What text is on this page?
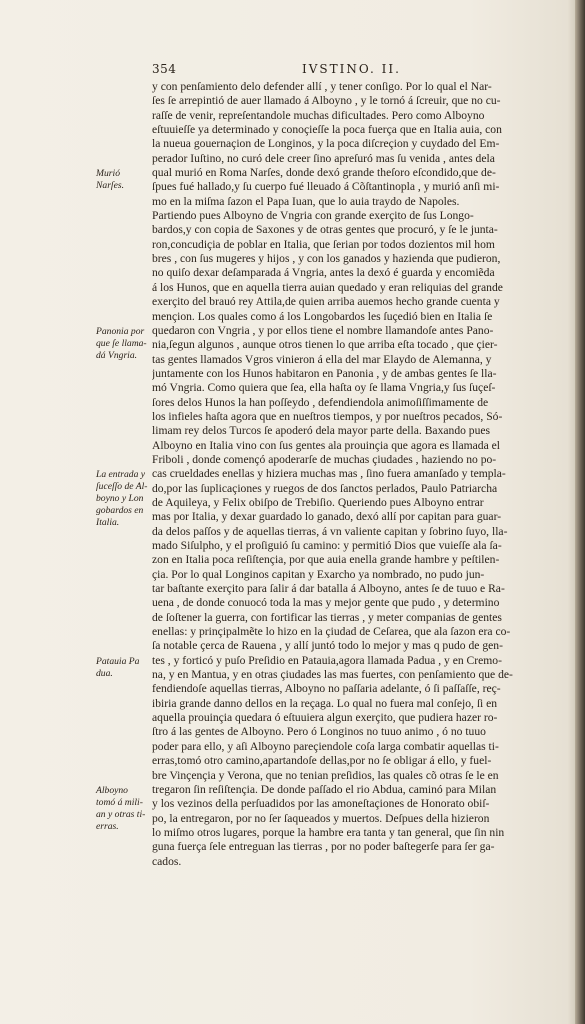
354	IVSTINO. II.
y con penſamiento delo defender allí , y tener conſigo. Por lo qual el Nar-
ſes ſe arrepintió de auer llamado á Alboyno , y le tornó á ſcreuir, que no cu-
raſſe de venir, repreſentandole muchas dificultades. Pero como Alboyno
eſtuuieſſe ya determinado y conoçieſſe la poca fuerça que en Italia auia, con
la nueua gouernaçion de Longinos, y la poca diſcreçion y cuydado del Em-
perador Iuſtino, no curó dele creer ſino apreſuró mas ſu venida , antes dela
qual murió en Roma Narſes, donde dexó grande theſoro eſcondido,que de-
ſpues fué hallado,y ſu cuerpo fué lleuado á Cõſtantinopla , y murió anſi mi-
mo en la miſma ſazon el Papa Iuan, que lo auia traydo de Napoles.
Partiendo pues Alboyno de Vngria con grande exerçito de ſus Longo-
bardos,y con copia de Saxones y de otras gentes que procuró, y ſe le junta-
ron,concudiçia de poblar en Italia, que ſerian por todos dozientos mil hom
bres , con ſus mugeres y hijos , y con los ganados y hazienda que pudieron,
no quiſo dexar deſamparada á Vngria, antes la dexó é guarda y encomiẽda
á los Hunos, que en aquella tierra auian quedado y eran reliquias del grande
exerçito del brauó rey Attila,de quien arriba auemos hecho grande cuenta y
mençion. Los quales como á los Longobardos les ſuçedió bien en Italia ſe
quedaron con Vngria , y por ellos tiene el nombre llamandoſe antes Pano-
nia,ſegun algunos , aunque otros tienen lo que arriba eſta tocado , que çier-
tas gentes llamados Vgros vinieron á ella del mar Elaydo de Alemanna, y
juntamente con los Hunos habitaron en Panonia , y de ambas gentes ſe lla-
mó Vngria. Como quiera que ſea, ella haſta oy ſe llama Vngria,y ſus ſuçeſ-
ſores delos Hunos la han poſſeydo , defendiendola animoſiſſimamente de
los infieles haſta agora que en nueſtros tiempos, y por nueſtros pecados, Só-
limam rey delos Turcos ſe apoderó dela mayor parte della. Baxando pues
Alboyno en Italia vino con ſus gentes ala prouinçia que agora es llamada el
Friboli , donde començó apoderarſe de muchas çiudades , haziendo no po-
cas crueldades enellas y hiziera muchas mas , ſino fuera amanſado y templa-
do,por las ſuplicaçiones y ruegos de dos ſanctos perlados, Paulo Patriarcha
de Aquileya, y Felix obiſpo de Trebiſio. Queriendo pues Alboyno entrar
mas por Italia, y dexar guardado lo ganado, dexó allí por capitan para guar-
da delos paſſos y de aquellas tierras, á vn valiente capitan y ſobrino ſuyo, lla-
mado Siſulpho, y el proſiguió ſu camino: y permitió Dios que vuieſſe ala ſa-
zon en Italia poca reſiſtençia, por que auia enella grande hambre y peſtilen-
çia. Por lo qual Longinos capitan y Exarcho ya nombrado, no pudo jun-
tar baſtante exerçito para ſalir á dar batalla á Alboyno, antes ſe de tuuo e Ra-
uena , de donde conuocó toda la mas y mejor gente que pudo , y determino
de ſoſtener la guerra, con fortificar las tierras , y meter companias de gentes
enellas: y prinçipalmẽte lo hizo en la çiudad de Ceſarea, que ala ſazon era co-
ſa notable çerca de Rauena , y allí juntó todo lo mejor y mas q pudo de gen-
tes , y forticó y puſo Preſidio en Patauia,agora llamada Padua , y en Cremo-
na, y en Mantua, y en otras çiudades las mas fuertes, con penſamiento que de-
fendiendoſe aquellas tierras, Alboyno no paſſaria adelante, ó ſi paſſaſſe, reç-
ibiria grande danno dellos en la reçaga. Lo qual no fuera mal conſejo, ſi en
aquella prouinçia quedara ó eſtuuiera algun exerçito, que pudiera hazer ro-
ſtro á las gentes de Alboyno. Pero ó Longinos no tuuo animo , ó no tuuo
poder para ello, y aſi Alboyno pareçiendole coſa larga combatir aquellas ti-
erras,tomó otro camino,apartandoſe dellas,por no ſe obligar á ello, y fuel-
bre Vinçençia y Verona, que no tenian preſidios, las quales cõ otras ſe le en
tregaron ſin reſiſtençia. De donde paſſado el rio Abdua, caminó para Milan
y los vezinos della perſuadidos por las amoneſtaçiones de Honorato obiſ-
po, la entregaron, por no ſer ſaqueados y muertos. Deſpues della hizieron
lo miſmo otros lugares, porque la hambre era tanta y tan general, que ſin nin
guna fuerça ſele entreguan las tierras , por no poder baſtegerſe para ſer ga-
cados.
Murió
Narſes.
Panonia por
que ſe llama-
dá Vngria.
La entrada y
ſuceſſo de Al-
boyno y Lon
gobardos en
Italia.
Patauia Pa
dua.
Alboyno
tomó á mili-
an y otras ti-
erras.
